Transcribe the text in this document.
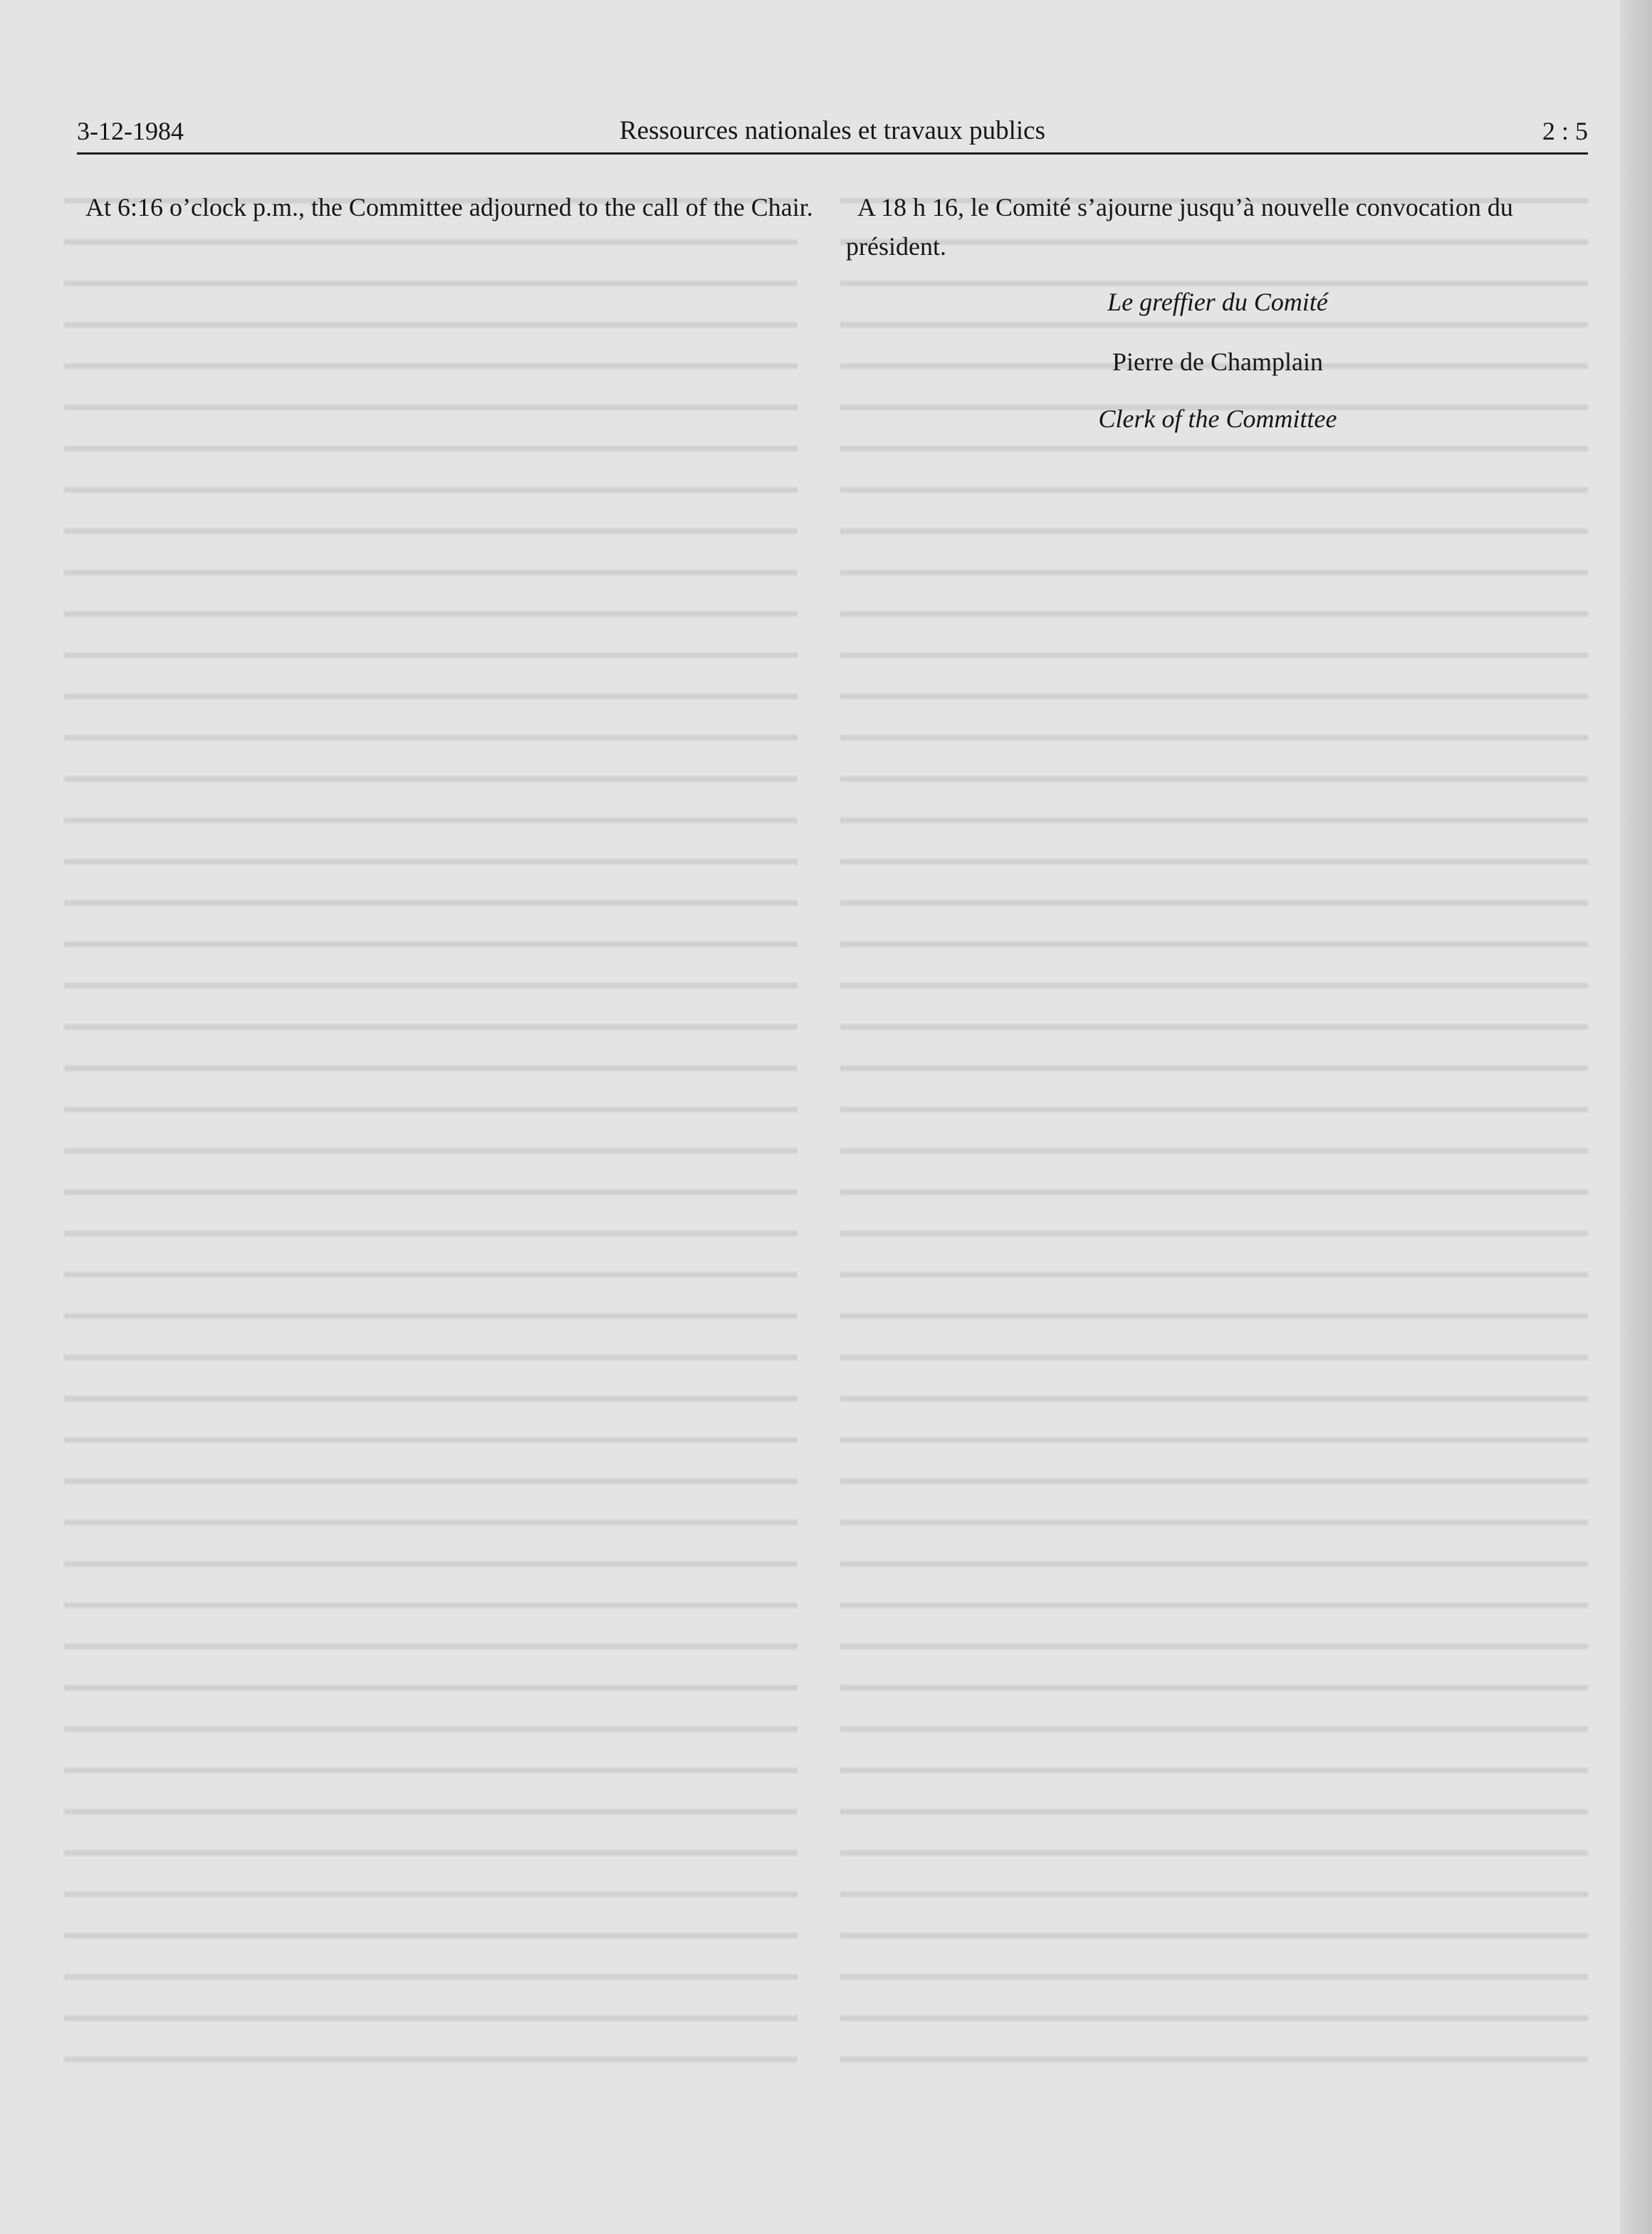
3-12-1984	Ressources nationales et travaux publics	2 : 5

At 6:16 o’clock p.m., the Committee adjourned to the call of the Chair.	A 18 h 16, le Comité s’ajourne jusqu’à nouvelle convocation du président.

Le greffier du Comité
Pierre de Champlain
Clerk of the Committee
